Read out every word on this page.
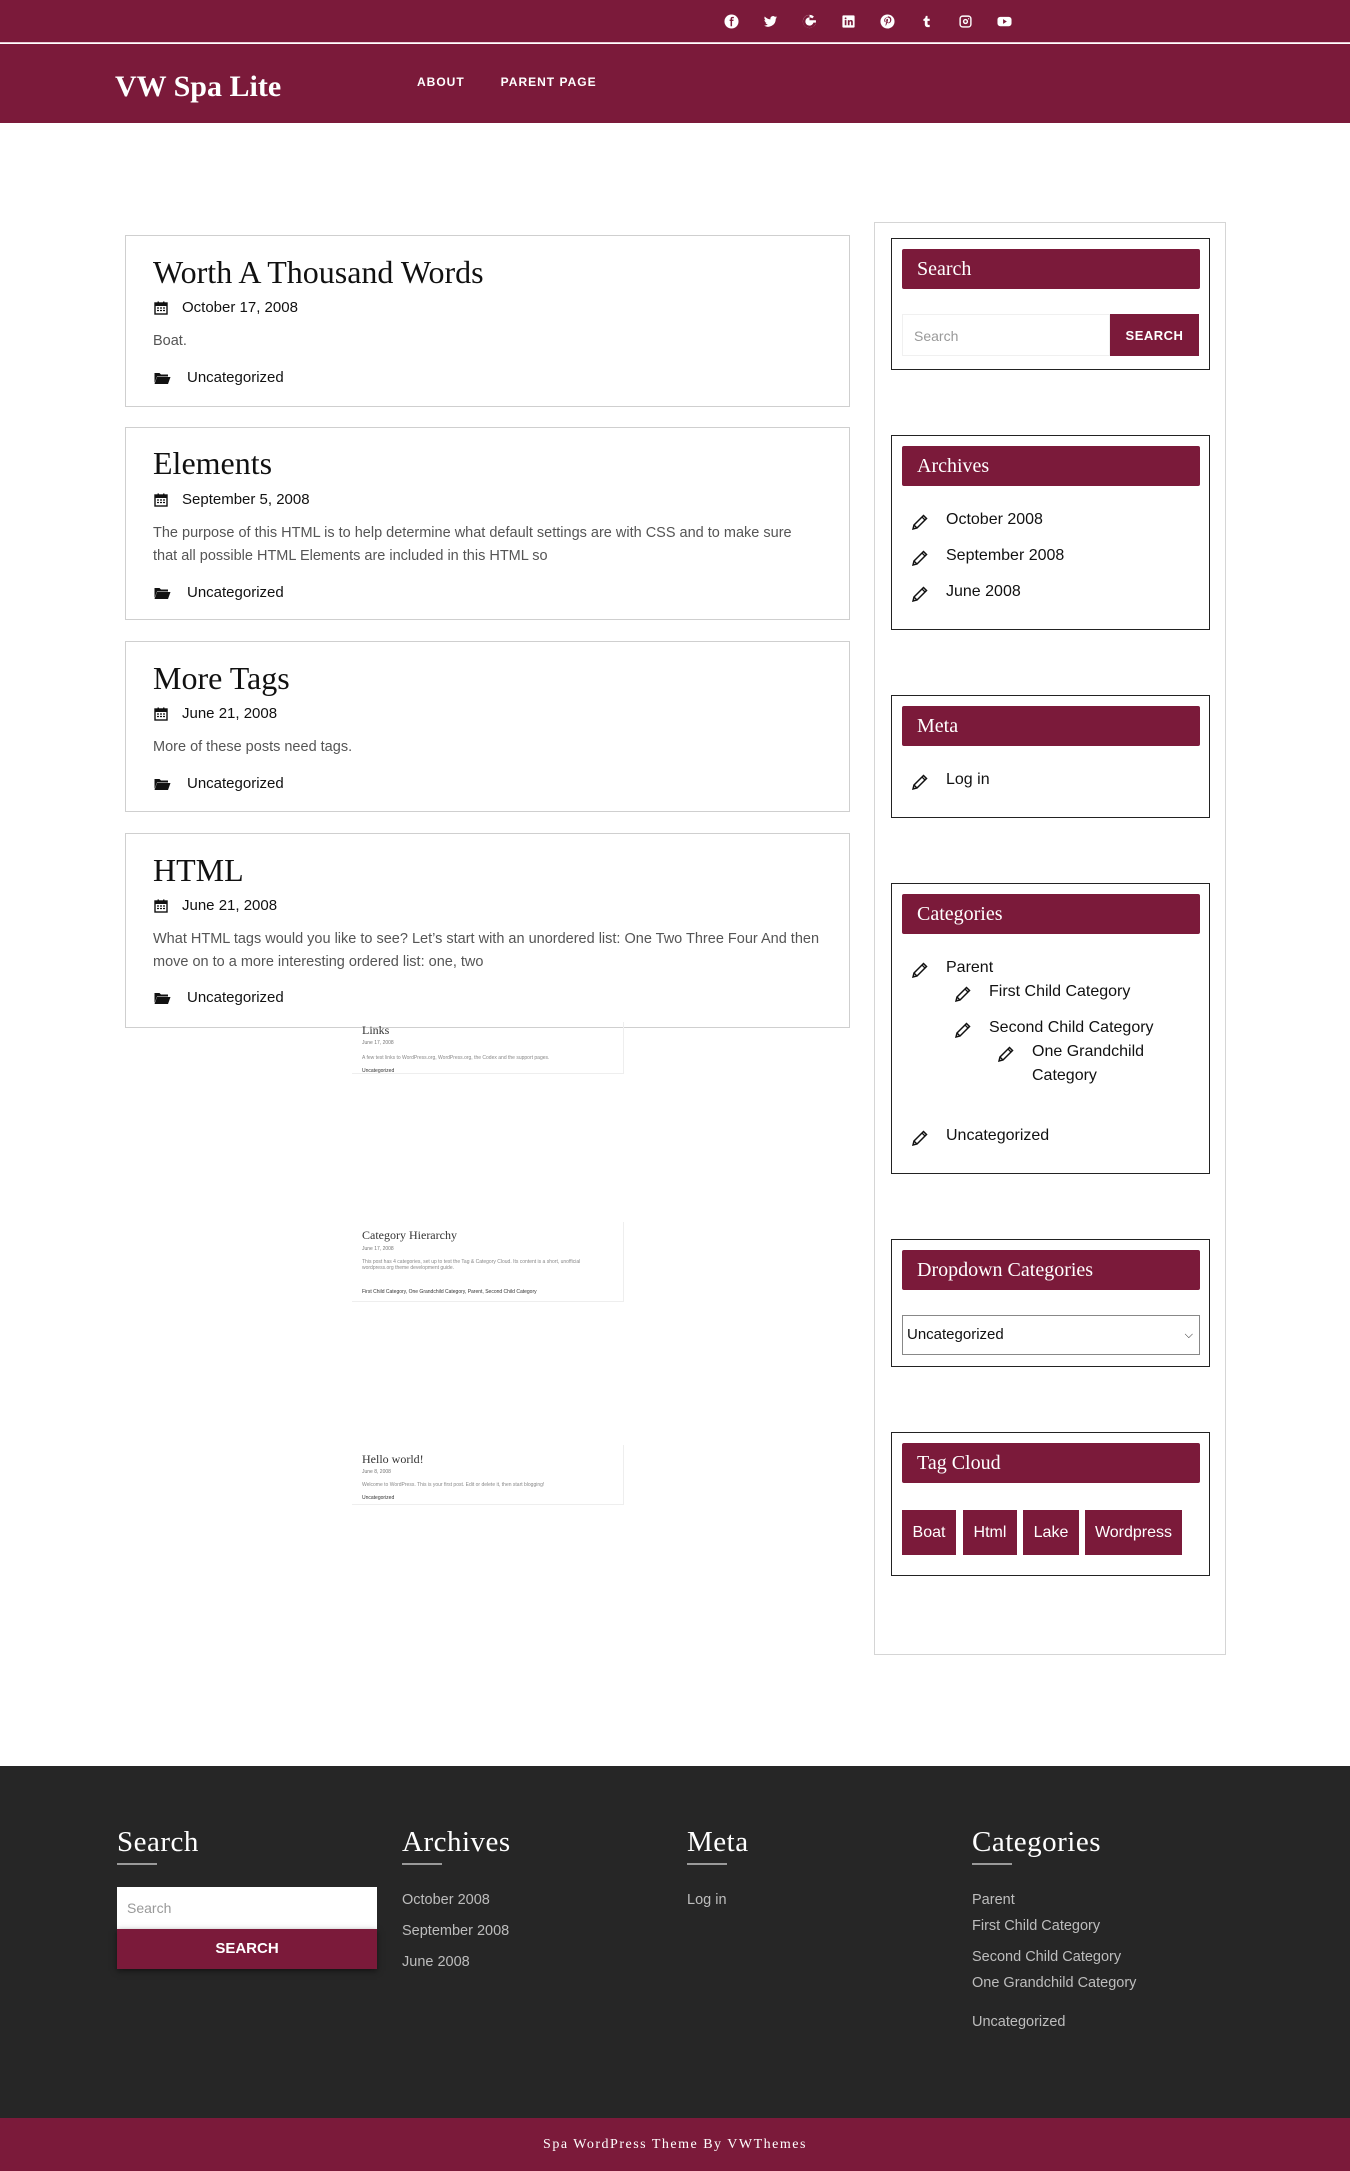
VW Spa Lite	ABOUT	PARENT PAGE
Worth A Thousand Words
October 17, 2008
Boat.
Uncategorized
Elements
September 5, 2008
The purpose of this HTML is to help determine what default settings are with CSS and to make sure that all possible HTML Elements are included in this HTML so
Uncategorized
More Tags
June 21, 2008
More of these posts need tags.
Uncategorized
HTML
June 21, 2008
What HTML tags would you like to see? Let’s start with an unordered list: One Two Three Four And then move on to a more interesting ordered list: one, two
Uncategorized
Links
June 17, 2008
A few test links to WordPress.org, WordPress.org, the Codex and the support pages.
Uncategorized
Category Hierarchy
June 17, 2008
This post has 4 categories, set up to test the Tag & Category Cloud. Its content is a short, unofficial wordpress.org theme development guide.
First Child Category, One Grandchild Category, Parent, Second Child Category
Hello world!
June 8, 2008
Welcome to WordPress. This is your first post. Edit or delete it, then start blogging!
Uncategorized
Search
Search	SEARCH
Archives
October 2008
September 2008
June 2008
Meta
Log in
Categories
Parent
First Child Category
Second Child Category
One Grandchild Category
Uncategorized
Dropdown Categories
Uncategorized	⌵
Tag Cloud
Boat	Html	Lake	Wordpress
Search	Archives	Meta	Categories
October 2008
September 2008
June 2008
Log in	Parent
First Child Category
Second Child Category
One Grandchild Category
Uncategorized
Search
SEARCH
Spa WordPress Theme By VWThemes
